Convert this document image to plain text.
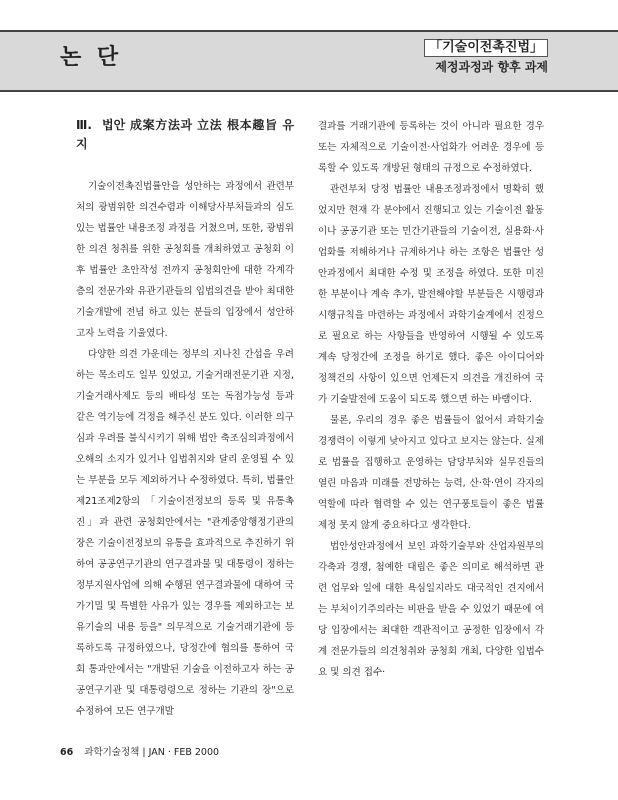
논 단	「기술이전촉진법」
제정과정과 향후 과제
Ⅲ. 법안 成案方法과 立法 根本趣旨 유지

기술이전촉진법률안을 성안하는 과정에서 관련부처의 광범위한 의견수렴과 이해당사부처들과의 심도 있는 법률안 내용조정 과정을 거쳤으며, 또한, 광범위한 의견 청취를 위한 공청회를 개최하였고 공청회 이후 법률안 초안작성 전까지 공청회안에 대한 각계각층의 전문가와 유관기관들의 입법의견을 받아 최대한 기술개발에 전념 하고 있는 분들의 입장에서 성안하고자 노력을 기울였다.

다양한 의견 가운데는 정부의 지나친 간섭을 우려하는 목소리도 일부 있었고, 기술거래전문기관 지정, 기술거래사제도 등의 배타성 또는 독점가능성 등과 같은 역기능에 걱정을 해주신 분도 있다. 이러한 의구심과 우려를 불식시키기 위해 법안 축조심의과정에서 오해의 소지가 있거나 입법취지와 달리 운영될 수 있는 부분을 모두 제외하거나 수정하였다. 특히, 법률안 제21조제2항의 「기술이전정보의 등록 및 유통촉진」과 관련 공청회안에서는 "관계중앙행정기관의 장은 기술이전정보의 유통을 효과적으로 추진하기 위하여 공공연구기관의 연구결과물 및 대통령이 정하는 정부지원사업에 의해 수행된 연구결과물에 대하여 국가기밀 및 특별한 사유가 있는 경우를 제외하고는 보유기술의 내용 등을" 의무적으로 기술거래기관에 등록하도록 규정하였으나, 당정간에 협의를 통하여 국회 통과안에서는 "개발된 기술을 이전하고자 하는 공공연구기관 및 대통령령으로 정하는 기관의 장"으로 수정하여 모든 연구개발

결과를 거래기관에 등록하는 것이 아니라 필요한 경우 또는 자체적으로 기술이전·사업화가 어려운 경우에 등록할 수 있도록 개방된 형태의 규정으로 수정하였다.

관련부처 당정 법률안 내용조정과정에서 명확히 했었지만 현재 각 분야에서 진행되고 있는 기술이전 활동이나 공공기관 또는 민간기관들의 기술이전, 실용화·사업화를 저해하거나 규제하거나 하는 조항은 법률안 성안과정에서 최대한 수정 및 조정을 하였다. 또한 미진한 부분이나 계속 추가, 발전해야할 부분들은 시행령과 시행규칙을 마련하는 과정에서 과학기술계에서 진정으로 필요로 하는 사항들을 반영하여 시행될 수 있도록 계속 당정간에 조정을 하기로 했다. 좋은 아이디어와 정책건의 사항이 있으면 언제든지 의견을 개진하여 국가 기술발전에 도움이 되도록 했으면 하는 바램이다.

물론, 우리의 경우 좋은 법률들이 없어서 과학기술 경쟁력이 이렇게 낮아지고 있다고 보지는 않는다. 실제로 법률을 집행하고 운영하는 담당부처와 실무진들의 열린 마음과 미래를 전망하는 능력, 산·학·연이 각자의 역할에 따라 협력할 수 있는 연구풍토들이 좋은 법률 제정 못지 않게 중요하다고 생각한다.

법안성안과정에서 보인 과학기술부와 산업자원부의 각축과 경쟁, 첨예한 대립은 좋은 의미로 해석하면 관련 업무와 일에 대한 욕심일지라도 대국적인 견지에서는 부처이기주의라는 비판을 받을 수 있었기 때문에 여당 입장에서는 최대한 객관적이고 공정한 입장에서 각계 전문가들의 의견청취와 공청회 개최, 다양한 입법수요 및 의견 접수·

66 과학기술정책 | JAN · FEB 2000
